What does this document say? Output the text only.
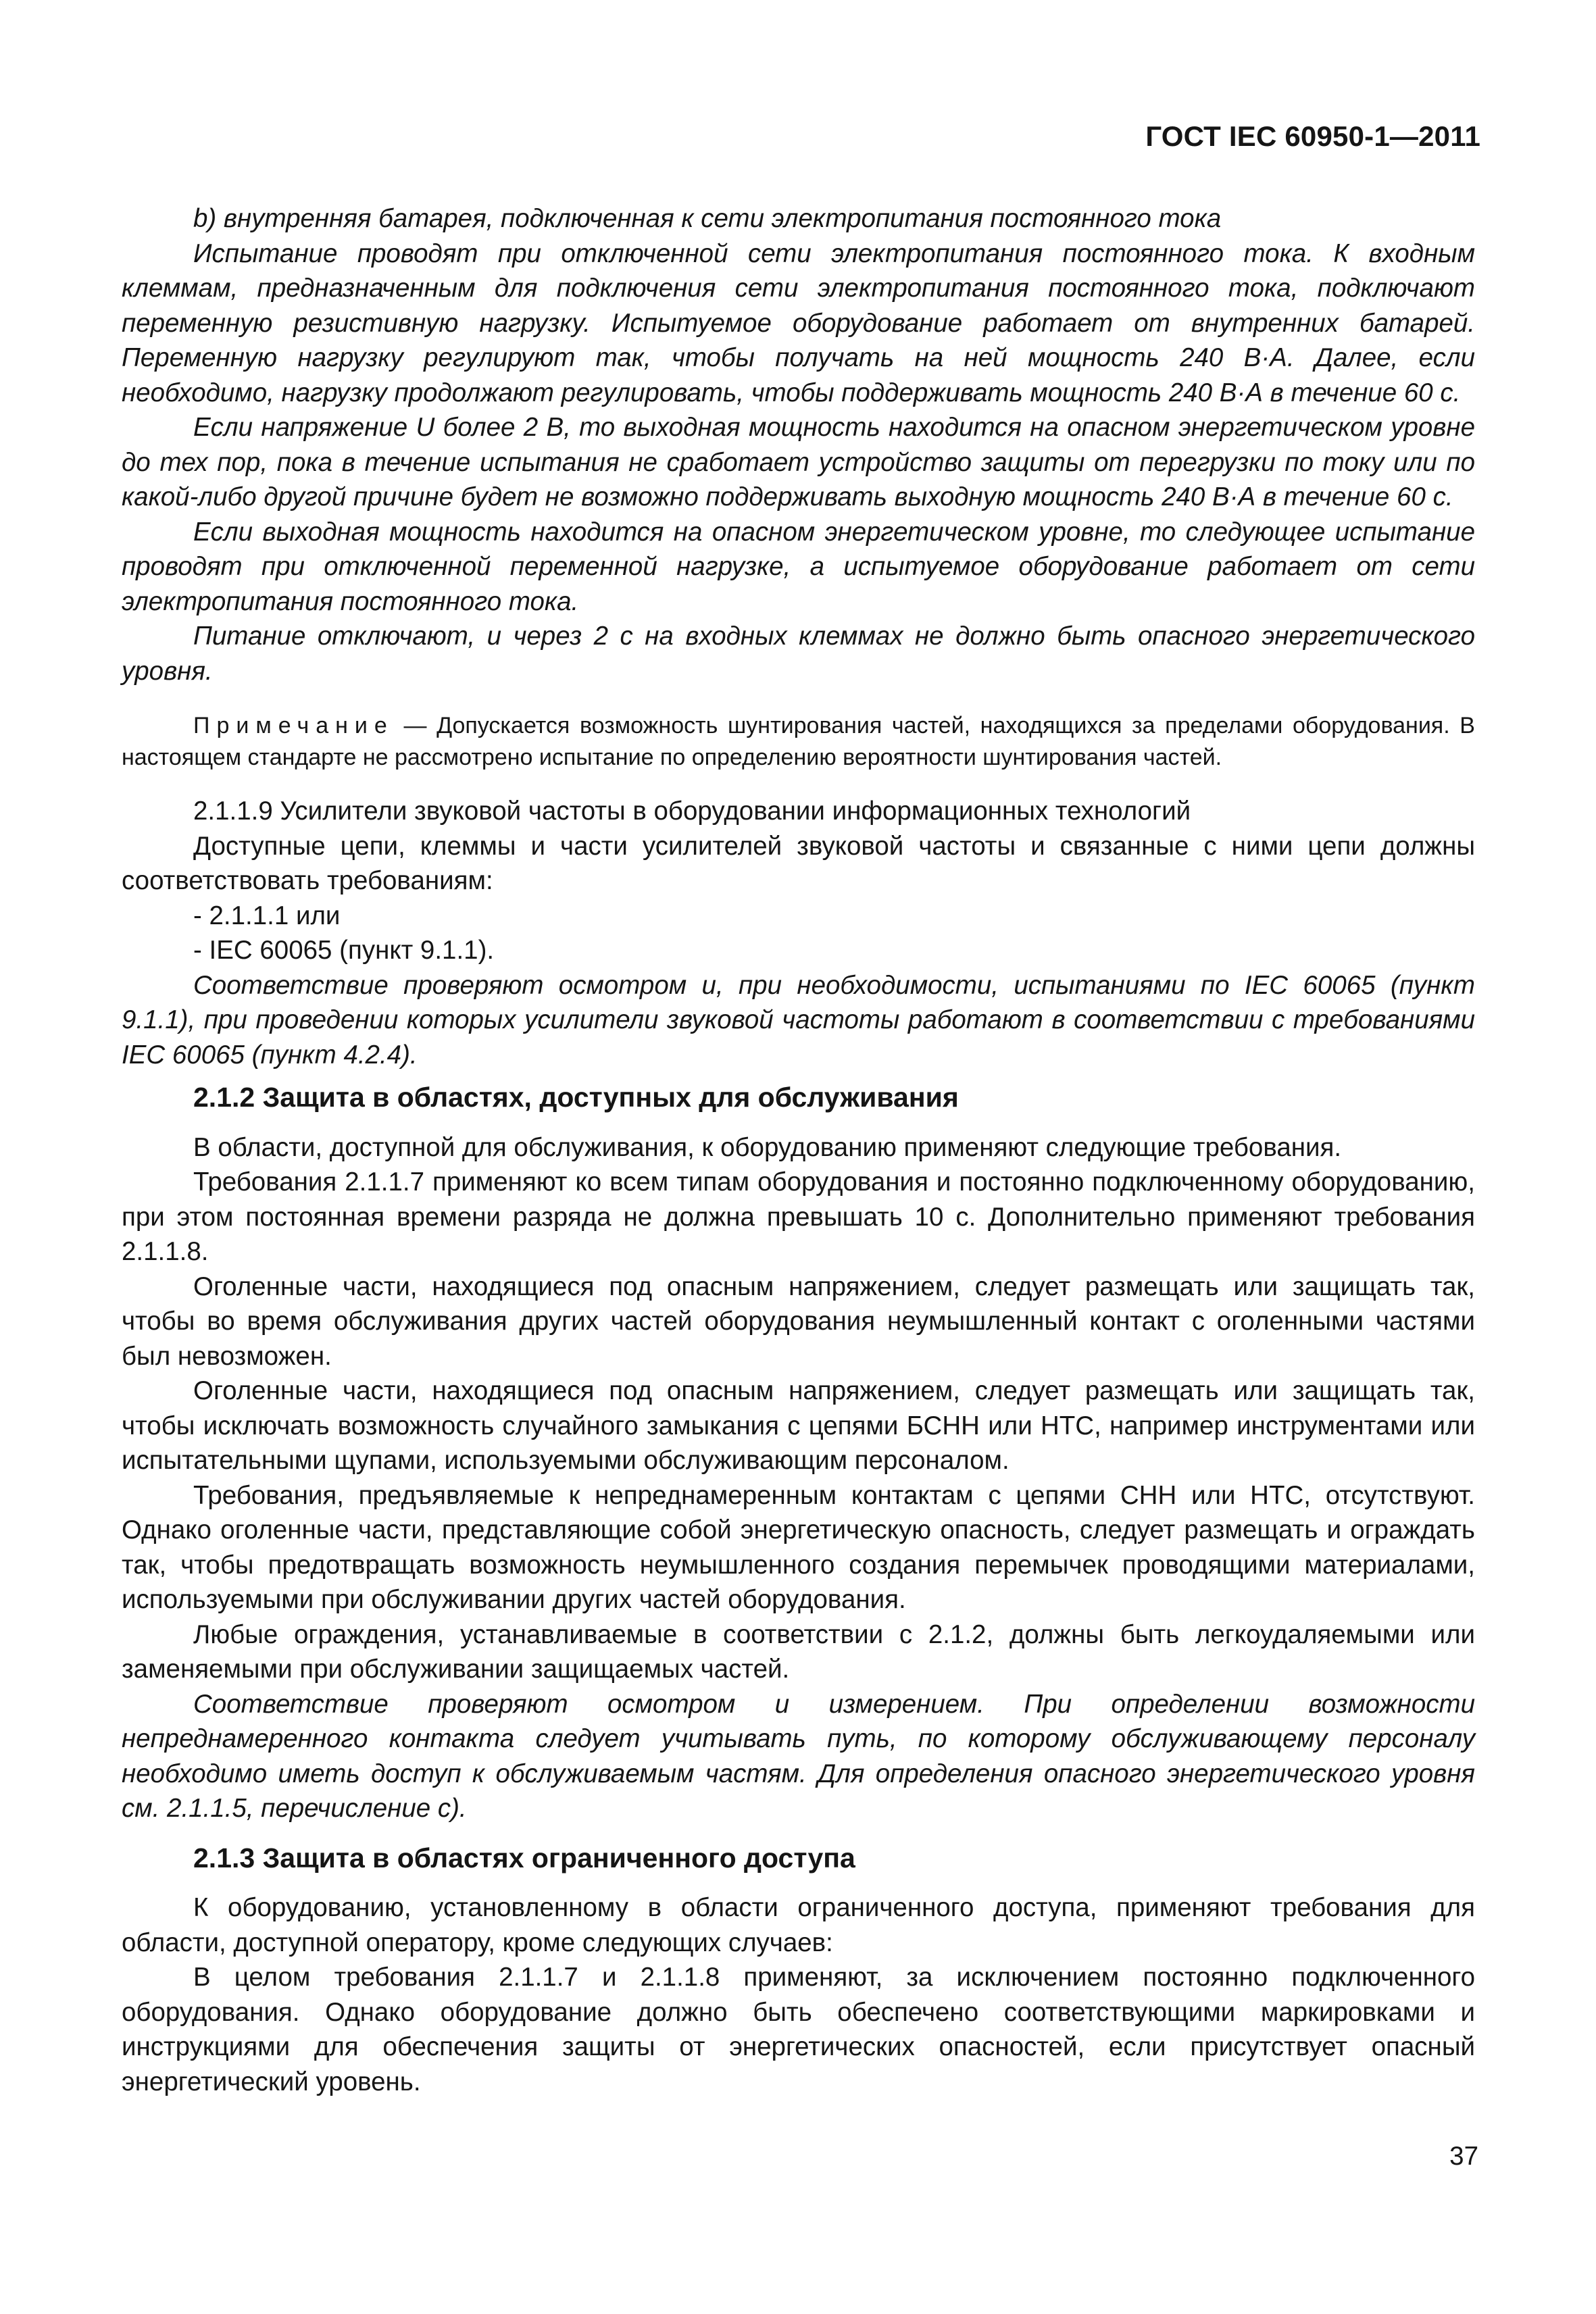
ГОСТ IEC 60950-1—2011

b) внутренняя батарея, подключенная к сети электропитания постоянного тока

Испытание проводят при отключенной сети электропитания постоянного тока. К входным клеммам, предназначенным для подключения сети электропитания постоянного тока, подключают переменную резистивную нагрузку. Испытуемое оборудование работает от внутренних батарей. Переменную нагрузку регулируют так, чтобы получать на ней мощность 240 В·А. Далее, если необходимо, нагрузку продолжают регулировать, чтобы поддерживать мощность 240 В·А в течение 60 с.

Если напряжение U более 2 В, то выходная мощность находится на опасном энергетическом уровне до тех пор, пока в течение испытания не сработает устройство защиты от перегрузки по току или по какой-либо другой причине будет не возможно поддерживать выходную мощность 240 В·А в течение 60 с.

Если выходная мощность находится на опасном энергетическом уровне, то следующее испытание проводят при отключенной переменной нагрузке, а испытуемое оборудование работает от сети электропитания постоянного тока.

Питание отключают, и через 2 с на входных клеммах не должно быть опасного энергетического уровня.

Примечание — Допускается возможность шунтирования частей, находящихся за пределами оборудования. В настоящем стандарте не рассмотрено испытание по определению вероятности шунтирования частей.

2.1.1.9 Усилители звуковой частоты в оборудовании информационных технологий

Доступные цепи, клеммы и части усилителей звуковой частоты и связанные с ними цепи должны соответствовать требованиям:

- 2.1.1.1 или

- IEC 60065 (пункт 9.1.1).

Соответствие проверяют осмотром и, при необходимости, испытаниями по IEC 60065 (пункт 9.1.1), при проведении которых усилители звуковой частоты работают в соответствии с требованиями IEC 60065 (пункт 4.2.4).

2.1.2 Защита в областях, доступных для обслуживания

В области, доступной для обслуживания, к оборудованию применяют следующие требования.

Требования 2.1.1.7 применяют ко всем типам оборудования и постоянно подключенному оборудованию, при этом постоянная времени разряда не должна превышать 10 с. Дополнительно применяют требования 2.1.1.8.

Оголенные части, находящиеся под опасным напряжением, следует размещать или защищать так, чтобы во время обслуживания других частей оборудования неумышленный контакт с оголенными частями был невозможен.

Оголенные части, находящиеся под опасным напряжением, следует размещать или защищать так, чтобы исключать возможность случайного замыкания с цепями БСНН или НТС, например инструментами или испытательными щупами, используемыми обслуживающим персоналом.

Требования, предъявляемые к непреднамеренным контактам с цепями СНН или НТС, отсутствуют. Однако оголенные части, представляющие собой энергетическую опасность, следует размещать и ограждать так, чтобы предотвращать возможность неумышленного создания перемычек проводящими материалами, используемыми при обслуживании других частей оборудования.

Любые ограждения, устанавливаемые в соответствии с 2.1.2, должны быть легкоудаляемыми или заменяемыми при обслуживании защищаемых частей.

Соответствие проверяют осмотром и измерением. При определении возможности непреднамеренного контакта следует учитывать путь, по которому обслуживающему персоналу необходимо иметь доступ к обслуживаемым частям. Для определения опасного энергетического уровня см. 2.1.1.5, перечисление с).

2.1.3 Защита в областях ограниченного доступа

К оборудованию, установленному в области ограниченного доступа, применяют требования для области, доступной оператору, кроме следующих случаев:

В целом требования 2.1.1.7 и 2.1.1.8 применяют, за исключением постоянно подключенного оборудования. Однако оборудование должно быть обеспечено соответствующими маркировками и инструкциями для обеспечения защиты от энергетических опасностей, если присутствует опасный энергетический уровень.

37
